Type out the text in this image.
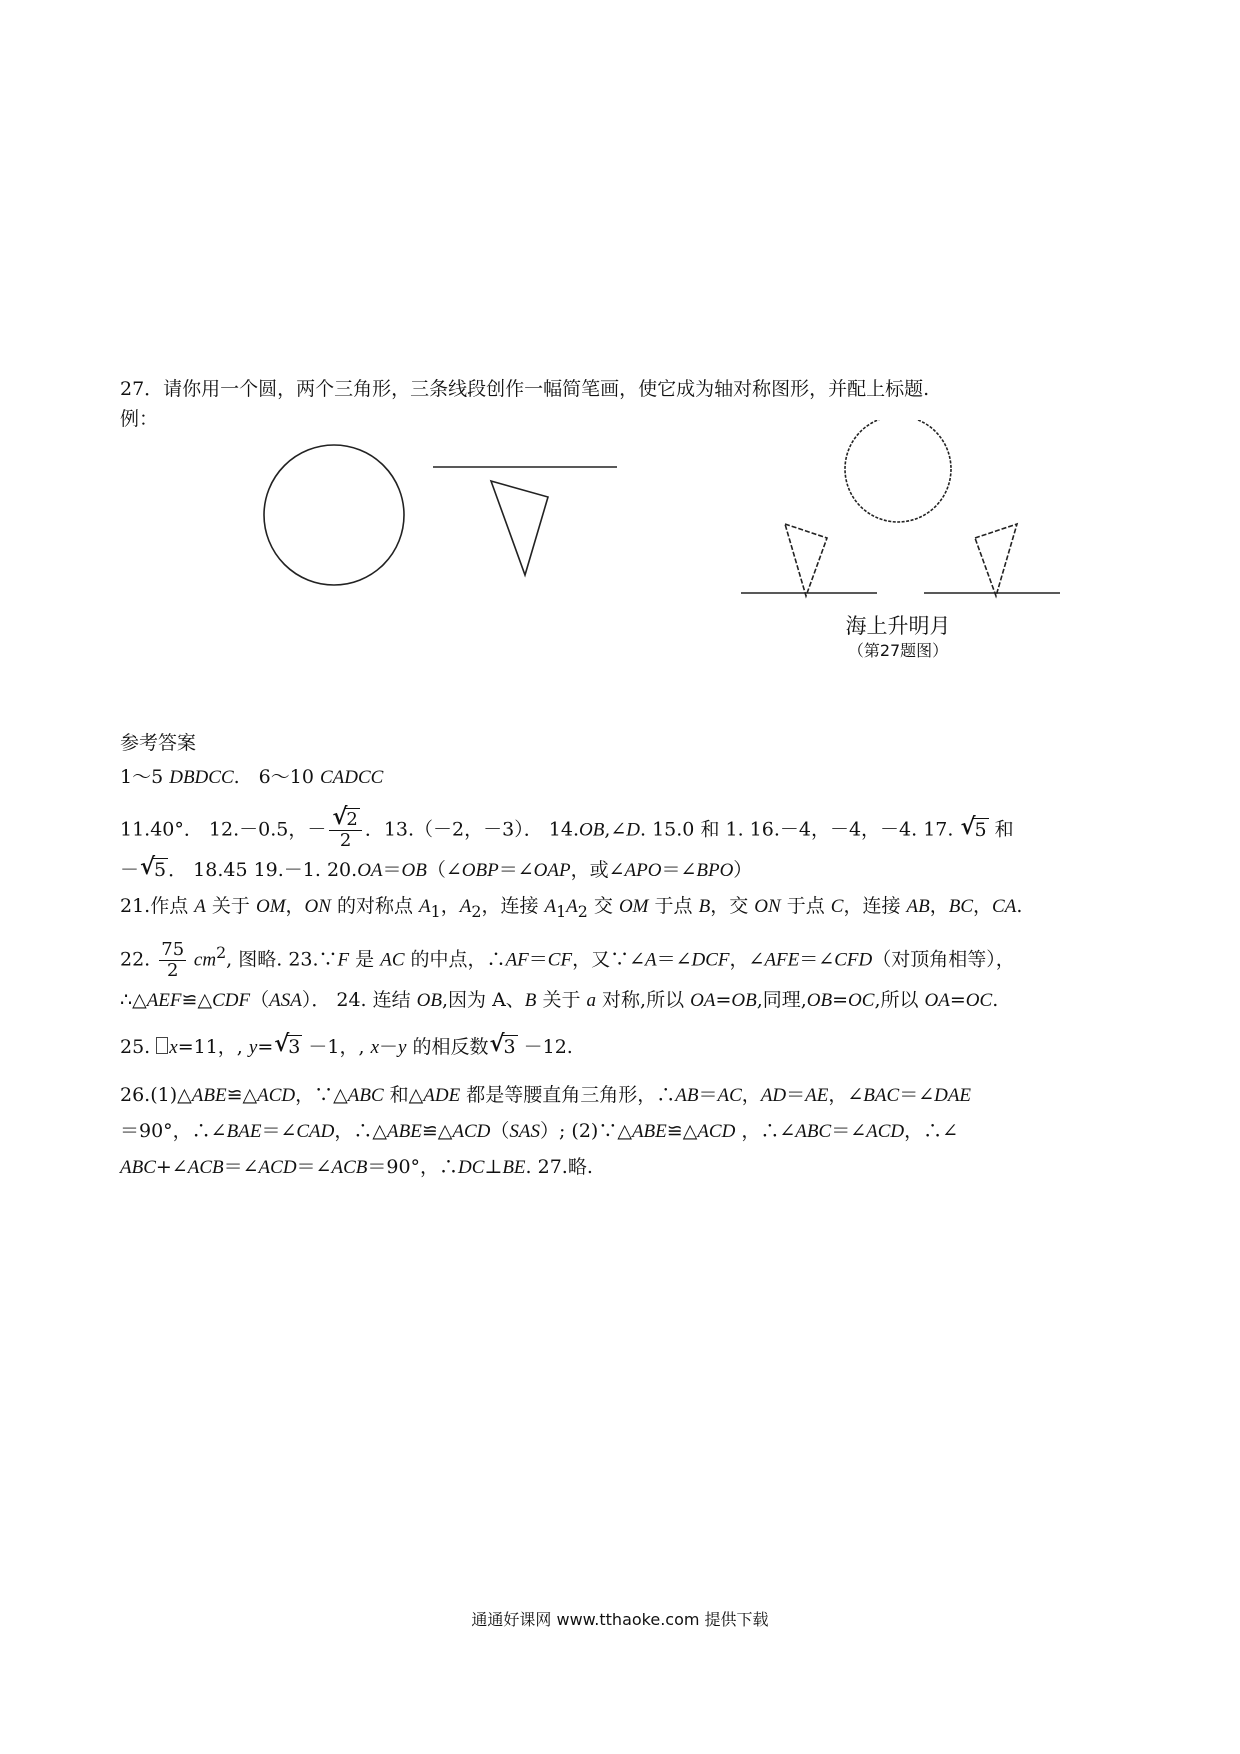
27．请你用一个圆，两个三角形，三条线段创作一幅简笔画，使它成为轴对称图形，并配上标题.
例：
海上升明月
（第27题图）
参考答案
1～5 DBDCC.　6～10 CADCC
11.40°． 12.－0.5，－ √ $\frac{2}{2}$ ．13.（－2，－3）． 14.OB,∠D. 15.0 和 1. 16.－4，－4，－4. 17. √ 5 和
－ √ 5 ． 18.45 19.－1. 20.OA＝OB（∠OBP＝∠OAP，或∠APO＝∠BPO）
21.作点 A 关于 OM，ON 的对称点 $A_1$，$A_2$，连接 $A_1A_2$ 交 OM 于点 B，交 ON 于点 C，连接 AB，BC，CA.
22. $\frac{75}{2} cm^2$, 图略. 23.∵F 是 AC 的中点，∴AF＝CF，又∵∠A＝∠DCF，∠AFE＝∠CFD（对顶角相等），
∴△AEF≌△CDF（ASA）． 24. 连结 OB,因为 A、B 关于 a 对称,所以 OA=OB,同理,OB=OC,所以 OA=OC.
25. x=11，, y= √ 3 －1，, x－y 的相反数 √ 3 －12.
26.(1)△ABE≌△ACD，∵△ABC 和△ADE 都是等腰直角三角形，∴AB＝AC，AD＝AE，∠BAC＝∠DAE
＝90°，∴∠BAE＝∠CAD，∴△ABE≌△ACD（SAS）; (2)∵△ABE≌△ACD ，∴∠ABC＝∠ACD，∴∠
ABC+∠ACB＝∠ACD＝∠ACB＝90°，∴DC⊥BE. 27.略.
通通好课网 www.tthaoke.com 提供下载
